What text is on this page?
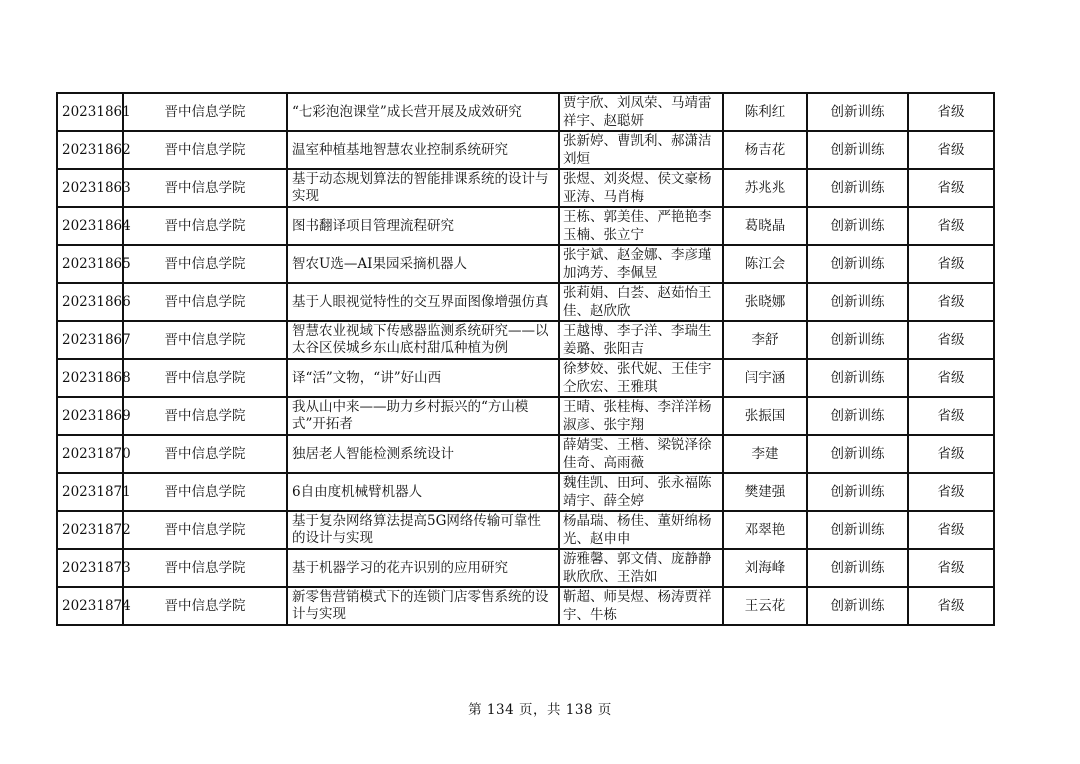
20231861	晋中信息学院	“七彩泡泡课堂”成长营开展及成效研究	贾宇欣、刘凤荣、马靖雷祥宇、赵聪妍	陈利红	创新训练	省级
20231862	晋中信息学院	温室种植基地智慧农业控制系统研究	张新婷、曹凯利、郝潇洁刘烜	杨吉花	创新训练	省级
20231863	晋中信息学院	基于动态规划算法的智能排课系统的设计与实现	张煜、刘炎煜、侯文豪杨亚涛、马肖梅	苏兆兆	创新训练	省级
20231864	晋中信息学院	图书翻译项目管理流程研究	王栋、郭美佳、严艳艳李玉楠、张立宁	葛晓晶	创新训练	省级
20231865	晋中信息学院	智农U选—AI果园采摘机器人	张宇斌、赵金娜、李彦瑾加鸿芳、李佩昱	陈江会	创新训练	省级
20231866	晋中信息学院	基于人眼视觉特性的交互界面图像增强仿真	张莉娟、白荟、赵茹怡王佳、赵欣欣	张晓娜	创新训练	省级
20231867	晋中信息学院	智慧农业视域下传感器监测系统研究——以太谷区侯城乡东山底村甜瓜种植为例	王越博、李子洋、李瑞生姜璐、张阳吉	李舒	创新训练	省级
20231868	晋中信息学院	译“活”文物，“讲”好山西	徐梦姣、张代妮、王佳宇仝欣宏、王雅琪	闫宇涵	创新训练	省级
20231869	晋中信息学院	我从山中来——助力乡村振兴的“方山模式”开拓者	王晴、张桂梅、李洋洋杨淑彦、张宇翔	张振国	创新训练	省级
20231870	晋中信息学院	独居老人智能检测系统设计	薛婧雯、王楷、梁锐泽徐佳奇、高雨薇	李建	创新训练	省级
20231871	晋中信息学院	6自由度机械臂机器人	魏佳凯、田珂、张永福陈靖宇、薛全婷	樊建强	创新训练	省级
20231872	晋中信息学院	基于复杂网络算法提高5G网络传输可靠性的设计与实现	杨晶瑞、杨佳、董妍绵杨光、赵申申	邓翠艳	创新训练	省级
20231873	晋中信息学院	基于机器学习的花卉识别的应用研究	游雅馨、郭文倩、庞静静耿欣欣、王浩如	刘海峰	创新训练	省级
20231874	晋中信息学院	新零售营销模式下的连锁门店零售系统的设计与实现	靳超、师昊煜、杨涛贾祥宇、牛栋	王云花	创新训练	省级
第 134 页，共 138 页
